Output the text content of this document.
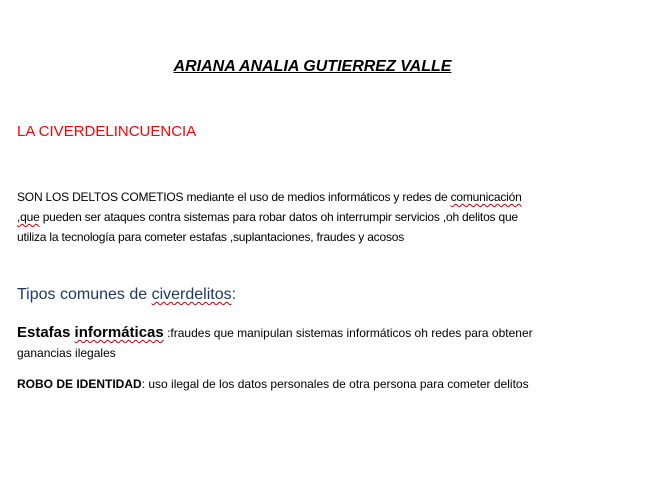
ARIANA ANALIA GUTIERREZ VALLE
LA CIVERDELINCUENCIA
SON LOS DELTOS COMETIOS mediante el uso de medios informáticos y redes de comunicación
,que pueden ser ataques contra sistemas para robar datos oh interrumpir servicios ,oh delitos que
utiliza la tecnología para cometer estafas ,suplantaciones, fraudes y acosos
Tipos comunes de civerdelitos:
Estafas informáticas :fraudes que manipulan sistemas informáticos oh redes para obtener
ganancias ilegales
ROBO DE IDENTIDAD: uso ilegal de los datos personales de otra persona para cometer delitos
